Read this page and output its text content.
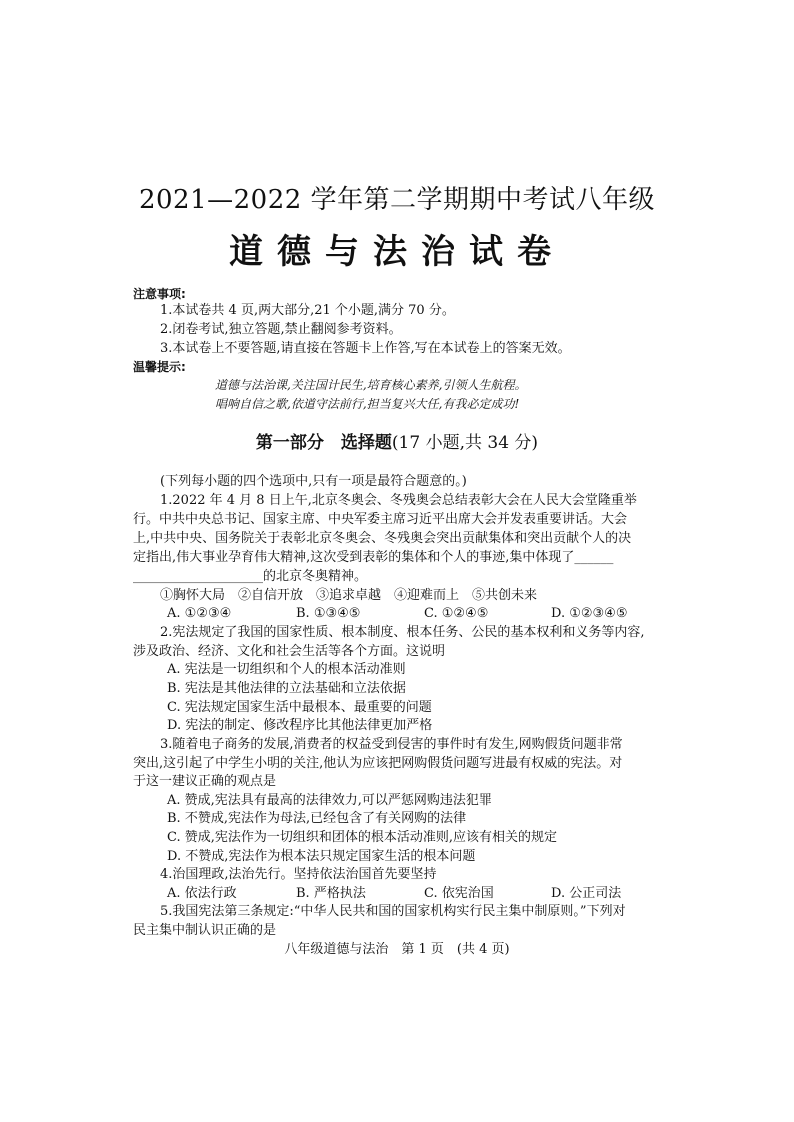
2021—2022 学年第二学期期中考试八年级
道德与法治试卷
注意事项:
1.本试卷共 4 页,两大部分,21 个小题,满分 70 分。
2.闭卷考试,独立答题,禁止翻阅参考资料。
3.本试卷上不要答题,请直接在答题卡上作答,写在本试卷上的答案无效。
温馨提示:
道德与法治课,关注国计民生,培育核心素养,引领人生航程。
唱响自信之歌,依道守法前行,担当复兴大任,有我必定成功!
第一部分　选择题(17 小题,共 34 分)
(下列每小题的四个选项中,只有一项是最符合题意的。)
1.2022 年 4 月 8 日上午,北京冬奥会、冬残奥会总结表彰大会在人民大会堂隆重举
行。中共中央总书记、国家主席、中央军委主席习近平出席大会并发表重要讲话。大会
上,中共中央、国务院关于表彰北京冬奥会、冬残奥会突出贡献集体和突出贡献个人的决
定指出,伟大事业孕育伟大精神,这次受到表彰的集体和个人的事迹,集中体现了______
____________________的北京冬奥精神。
①胸怀大局　②自信开放　③追求卓越　④迎难而上　⑤共创未来
A. ①②③④	B. ①③④⑤	C. ①②④⑤	D. ①②③④⑤
2.宪法规定了我国的国家性质、根本制度、根本任务、公民的基本权利和义务等内容,
涉及政治、经济、文化和社会生活等各个方面。这说明
A. 宪法是一切组织和个人的根本活动准则
B. 宪法是其他法律的立法基础和立法依据
C. 宪法规定国家生活中最根本、最重要的问题
D. 宪法的制定、修改程序比其他法律更加严格
3.随着电子商务的发展,消费者的权益受到侵害的事件时有发生,网购假货问题非常
突出,这引起了中学生小明的关注,他认为应该把网购假货问题写进最有权威的宪法。对
于这一建议正确的观点是
A. 赞成,宪法具有最高的法律效力,可以严惩网购违法犯罪
B. 不赞成,宪法作为母法,已经包含了有关网购的法律
C. 赞成,宪法作为一切组织和团体的根本活动准则,应该有相关的规定
D. 不赞成,宪法作为根本法只规定国家生活的根本问题
4.治国理政,法治先行。坚持依法治国首先要坚持
A. 依法行政	B. 严格执法	C. 依宪治国	D. 公正司法
5.我国宪法第三条规定:“中华人民共和国的国家机构实行民主集中制原则。”下列对
民主集中制认识正确的是
八年级道德与法治　第 1 页　(共 4 页)
